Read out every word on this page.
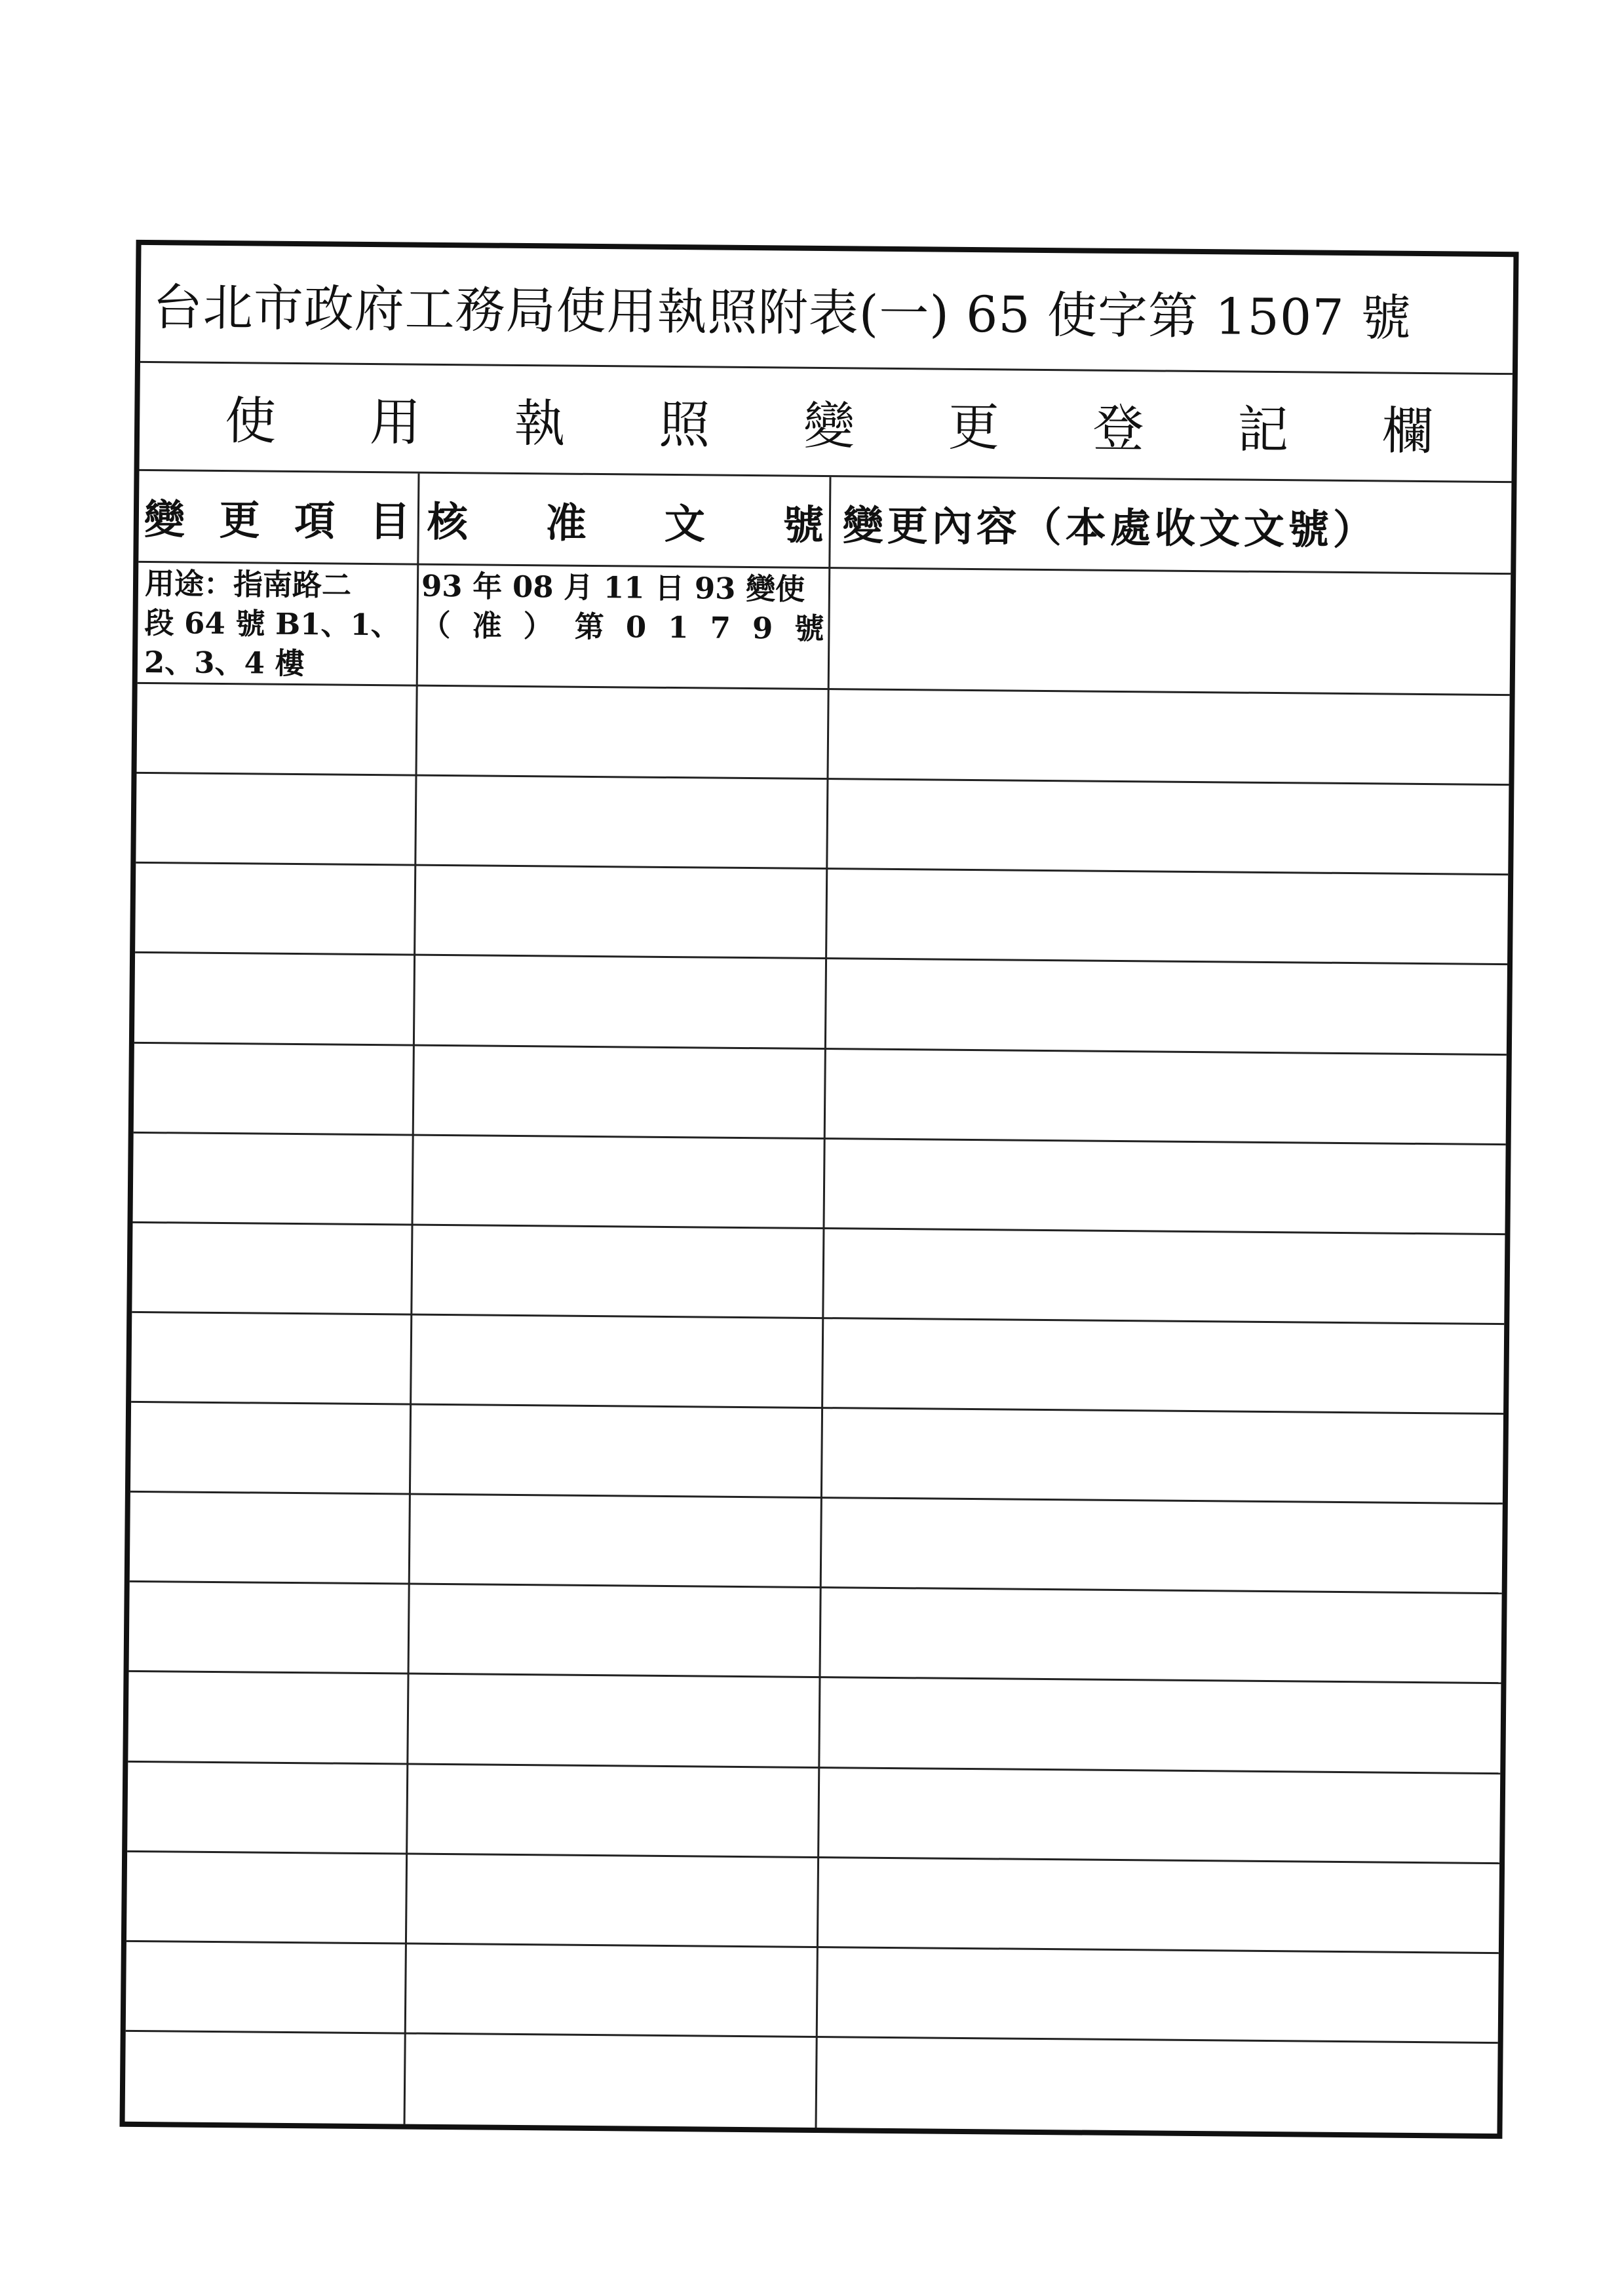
台北市政府工務局使用執照附表(一) 65 使字第 1507 號
使 用 執 照 變 更 登 記 欄
變 更 項 目 核 准 文 號 變更內容（本處收文文號）
用途：指南路二
段 64 號 B1、1、
2、3、4 樓
93 年 08 月 11 日 93 變使
（ 准 ） 第 0 1 7 9 號
